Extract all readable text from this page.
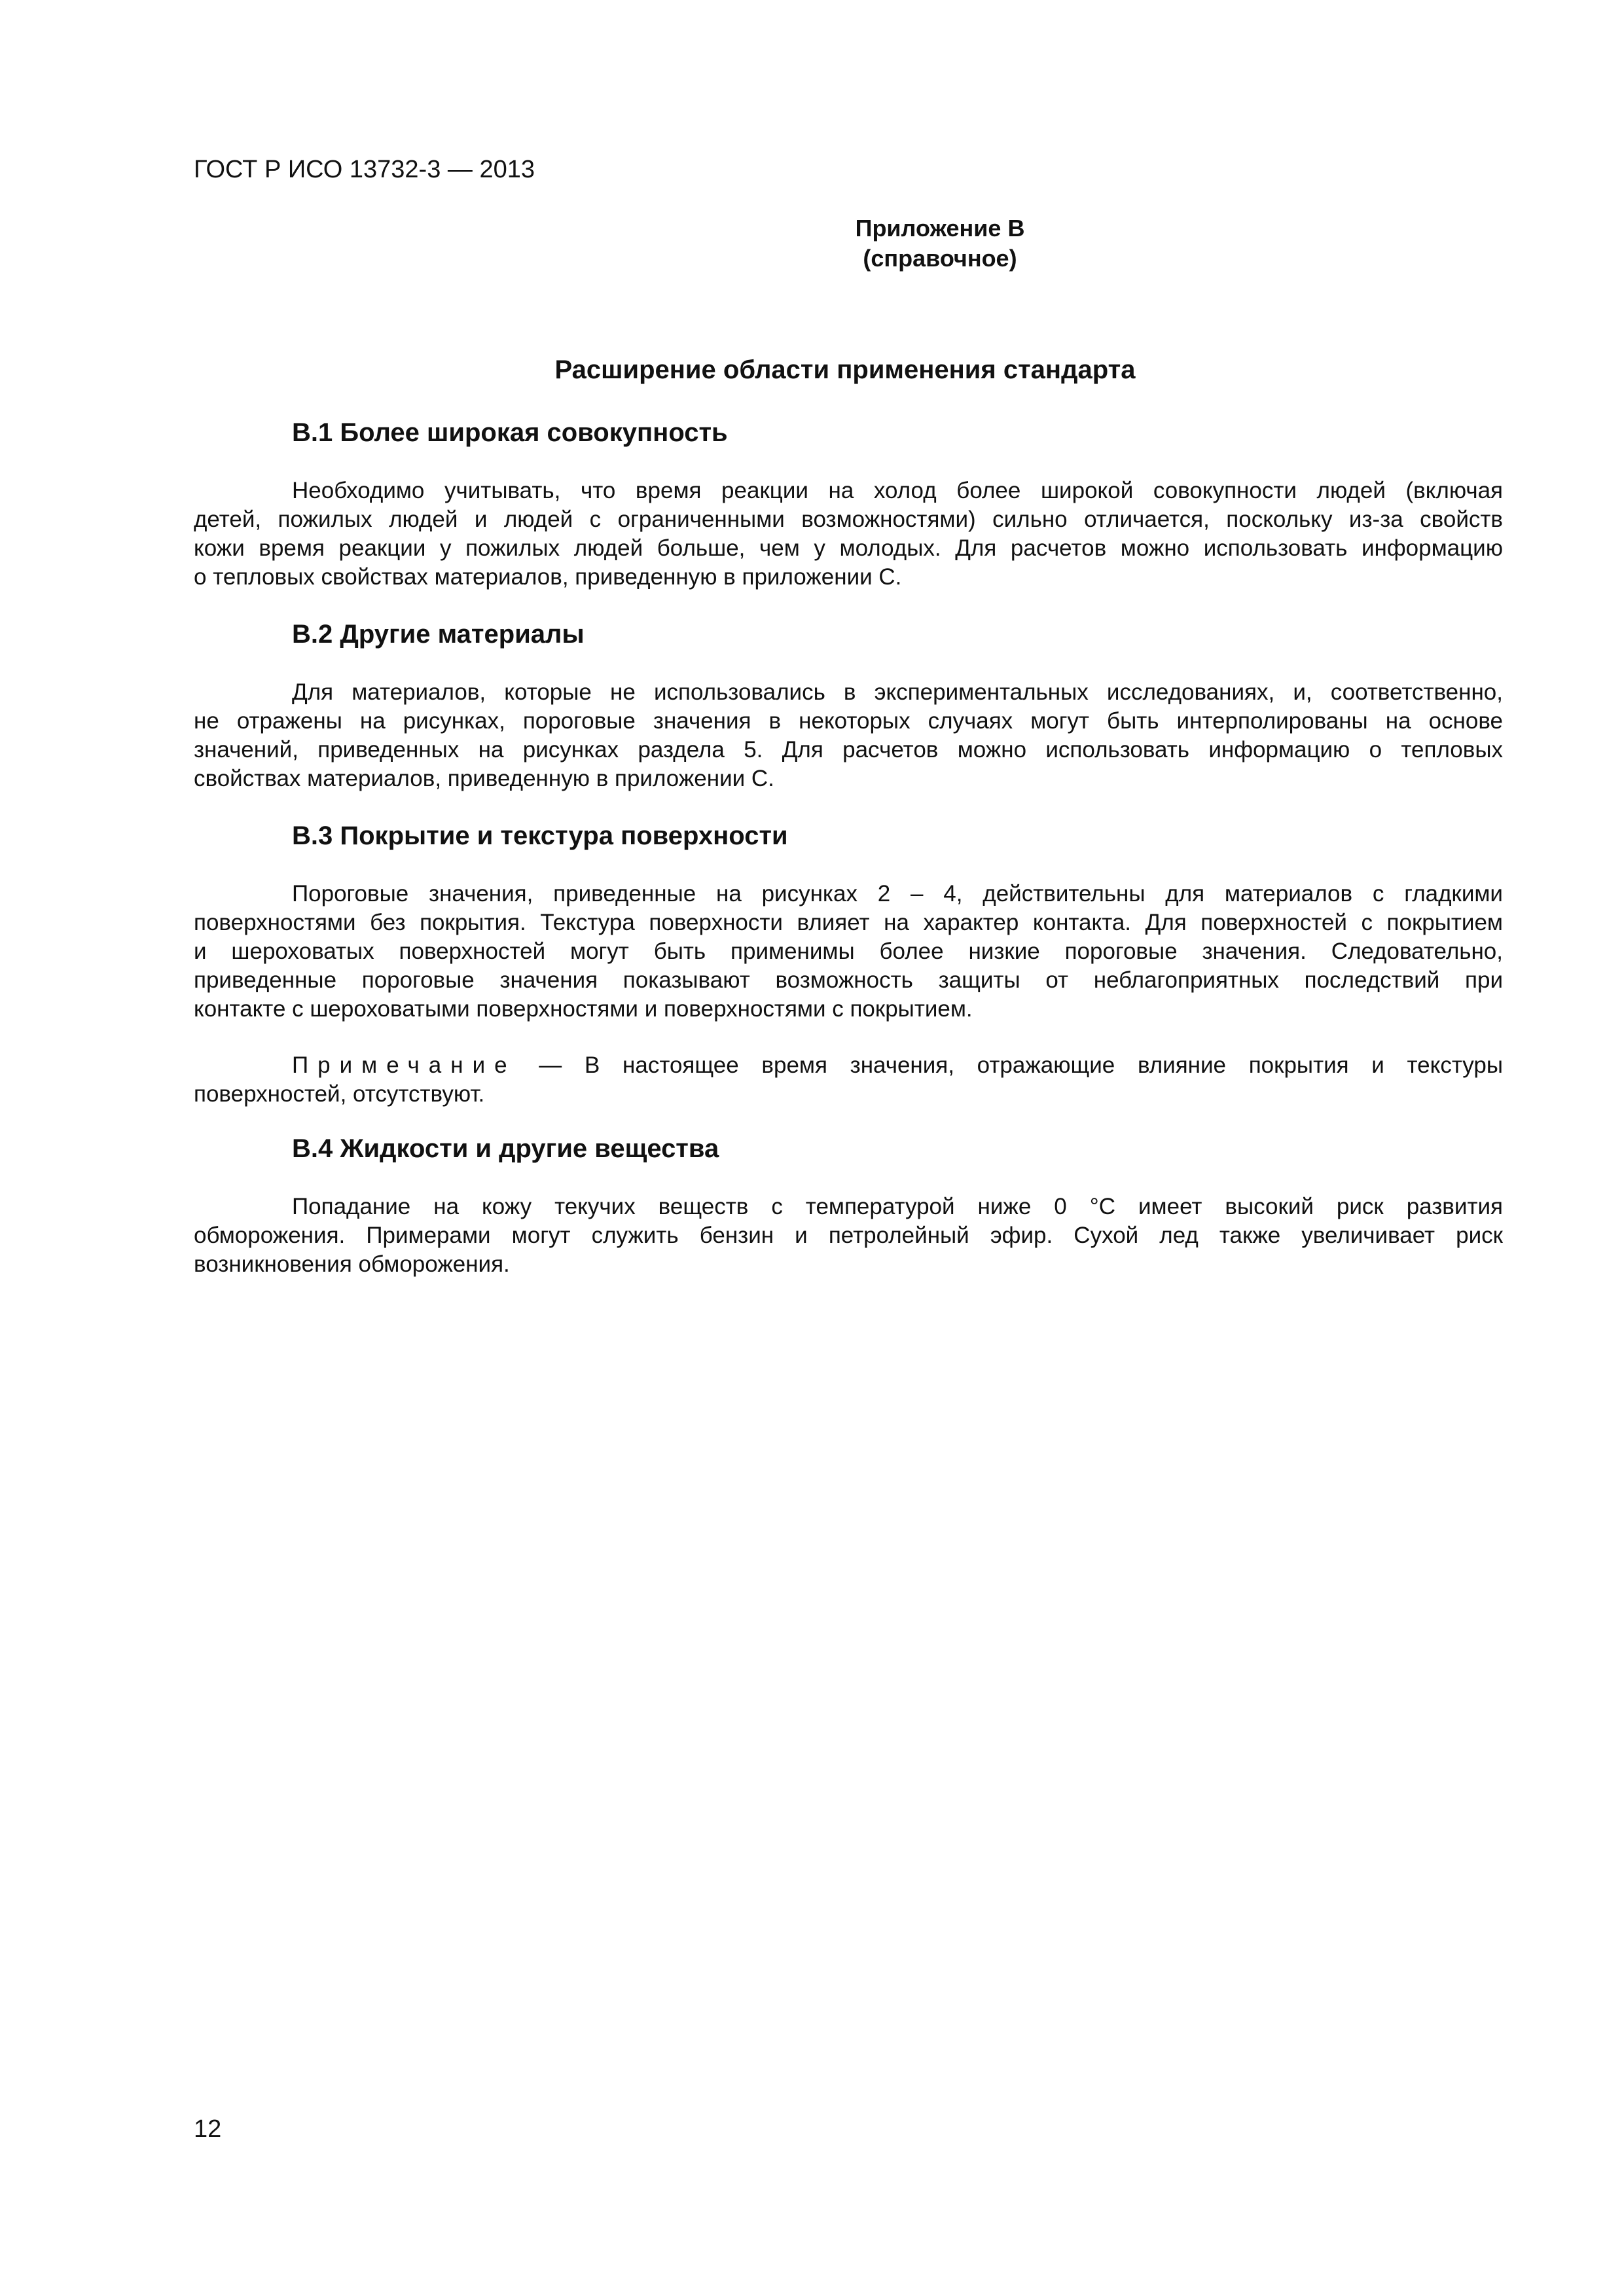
ГОСТ Р ИСО 13732-3 — 2013
Приложение В
(справочное)
Расширение области применения стандарта
В.1 Более широкая совокупность
Необходимо учитывать, что время реакции на холод более широкой совокупности людей (включая
детей, пожилых людей и людей с ограниченными возможностями) сильно отличается, поскольку из-за свойств
кожи время реакции у пожилых людей больше, чем у молодых. Для расчетов можно использовать информацию
о тепловых свойствах материалов, приведенную в приложении С.
В.2 Другие материалы
Для материалов, которые не использовались в экспериментальных исследованиях, и, соответственно,
не отражены на рисунках, пороговые значения в некоторых случаях могут быть интерполированы на основе
значений, приведенных на рисунках раздела 5. Для расчетов можно использовать информацию о тепловых
свойствах материалов, приведенную в приложении С.
В.3 Покрытие и текстура поверхности
Пороговые значения, приведенные на рисунках 2 – 4, действительны для материалов с гладкими
поверхностями без покрытия. Текстура поверхности влияет на характер контакта. Для поверхностей с покрытием
и шероховатых поверхностей могут быть применимы более низкие пороговые значения. Следовательно,
приведенные пороговые значения показывают возможность защиты от неблагоприятных последствий при
контакте с шероховатыми поверхностями и поверхностями с покрытием.
Примечание — В настоящее время значения, отражающие влияние покрытия и текстуры
поверхностей, отсутствуют.
В.4 Жидкости и другие вещества
Попадание на кожу текучих веществ с температурой ниже 0 °С имеет высокий риск развития
обморожения. Примерами могут служить бензин и петролейный эфир. Сухой лед также увеличивает риск
возникновения обморожения.
12
